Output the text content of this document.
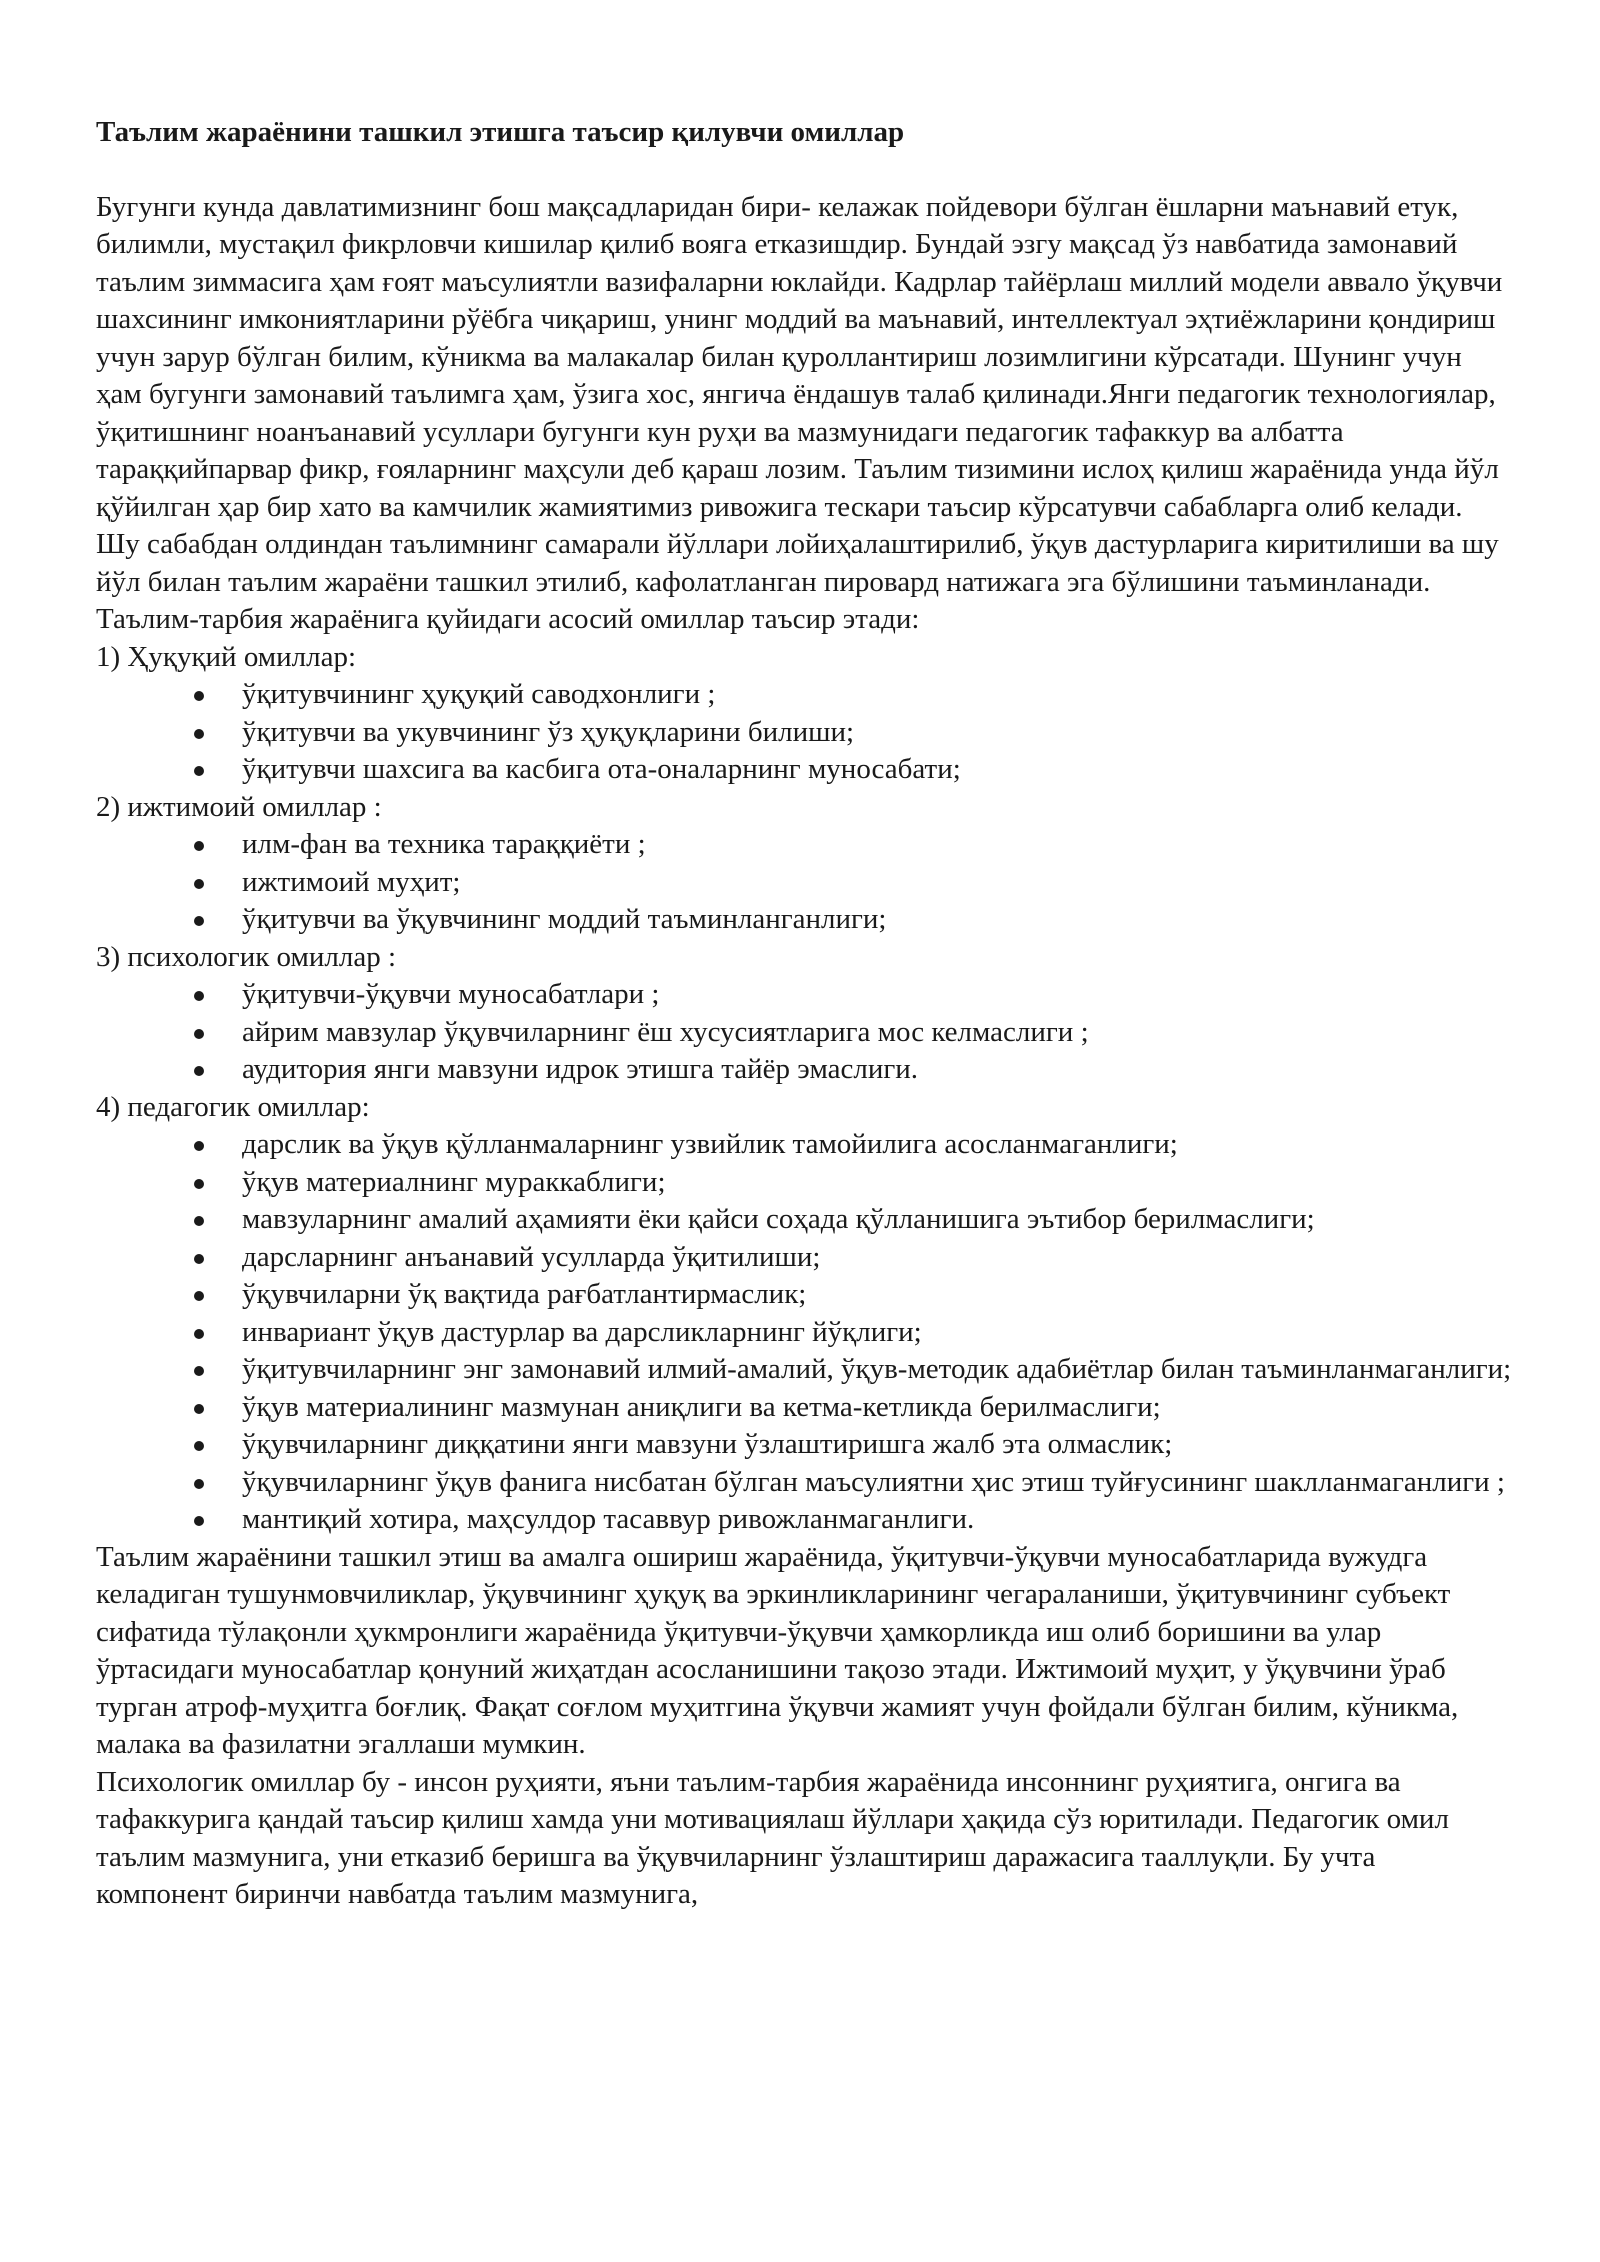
Таълим жараёнини ташкил этишга таъсир қилувчи омиллар

Бугунги кунда давлатимизнинг бош мақсадларидан бири- келажак пойдевори бўлган ёшларни маънавий етук, билимли, мустақил фикрловчи кишилар қилиб вояга етказишдир. Бундай эзгу мақсад ўз навбатида замонавий таълим зиммасига ҳам ғоят маъсулиятли вазифаларни юклайди. Кадрлар тайёрлаш миллий модели аввало ўқувчи шахсининг имкониятларини рўёбга чиқариш, унинг моддий ва маънавий, интеллектуал эҳтиёжларини қондириш учун зарур бўлган билим, кўникма ва малакалар билан қуроллантириш лозимлигини кўрсатади. Шунинг учун ҳам бугунги замонавий таълимга ҳам, ўзига хос, янгича ёндашув талаб қилинади.Янги педагогик технологиялар, ўқитишнинг ноанъанавий усуллари бугунги кун руҳи ва мазмунидаги педагогик тафаккур ва албатта тараққийпарвар фикр, ғояларнинг маҳсули деб қараш лозим. Таълим тизимини ислоҳ қилиш жараёнида унда йўл қўйилган ҳар бир хато ва камчилик жамиятимиз ривожига тескари таъсир кўрсатувчи сабабларга олиб келади. Шу сабабдан олдиндан таълимнинг самарали йўллари лойиҳалаштирилиб, ўқув дастурларига киритилиши ва шу йўл билан таълим жараёни ташкил этилиб, кафолатланган пировард натижага эга бўлишини таъминланади.

Таълим-тарбия жараёнига қуйидаги асосий омиллар таъсир этади:

1) Ҳуқуқий омиллар:
ўқитувчининг ҳуқуқий саводхонлиги ;
ўқитувчи ва укувчининг ўз ҳуқуқларини билиши;
ўқитувчи шахсига ва касбига ота-оналарнинг муносабати;
2) ижтимоий омиллар :
илм-фан ва техника тараққиёти ;
ижтимоий муҳит;
ўқитувчи ва ўқувчининг моддий таъминланганлиги;
3) психологик омиллар :
ўқитувчи-ўқувчи муносабатлари ;
айрим мавзулар ўқувчиларнинг ёш хусусиятларига мос келмаслиги ;
аудитория янги мавзуни идрок этишга тайёр эмаслиги.
4) педагогик омиллар:
дарслик ва ўқув қўлланмаларнинг узвийлик тамойилига асосланмаганлиги;
ўқув материалнинг мураккаблиги;
мавзуларнинг амалий аҳамияти ёки қайси соҳада қўлланишига эътибор берилмаслиги;
дарсларнинг анъанавий усулларда ўқитилиши;
ўқувчиларни ўқ вақтида рағбатлантирмаслик;
инвариант ўқув дастурлар ва дарсликларнинг йўқлиги;
ўқитувчиларнинг энг замонавий илмий-амалий, ўқув-методик адабиётлар билан таъминланмаганлиги;
ўқув материалининг мазмунан аниқлиги ва кетма-кетликда берилмаслиги;
ўқувчиларнинг диққатини янги мавзуни ўзлаштиришга жалб эта олмаслик;
ўқувчиларнинг ўқув фанига нисбатан бўлган маъсулиятни ҳис этиш туйғусининг шаклланмаганлиги ;
мантиқий хотира, маҳсулдор тасаввур ривожланмаганлиги.

Таълим жараёнини ташкил этиш ва амалга ошириш жараёнида, ўқитувчи-ўқувчи муносабатларида вужудга келадиган тушунмовчиликлар, ўқувчининг ҳуқуқ ва эркинликларининг чегараланиши, ўқитувчининг субъект сифатида тўлақонли ҳукмронлиги жараёнида ўқитувчи-ўқувчи ҳамкорликда иш олиб боришини ва улар ўртасидаги муносабатлар қонуний жиҳатдан асосланишини тақозо этади. Ижтимоий муҳит, у ўқувчини ўраб турган атроф-муҳитга боғлиқ. Фақат соғлом муҳитгина ўқувчи жамият учун фойдали бўлган билим, кўникма, малака ва фазилатни эгаллаши мумкин.

Психологик омиллар бу - инсон руҳияти, яъни таълим-тарбия жараёнида инсоннинг руҳиятига, онгига ва тафаккурига қандай таъсир қилиш хамда уни мотивациялаш йўллари ҳақида сўз юритилади. Педагогик омил таълим мазмунига, уни етказиб беришга ва ўқувчиларнинг ўзлаштириш даражасига тааллуқли. Бу учта компонент биринчи навбатда таълим мазмунига,
